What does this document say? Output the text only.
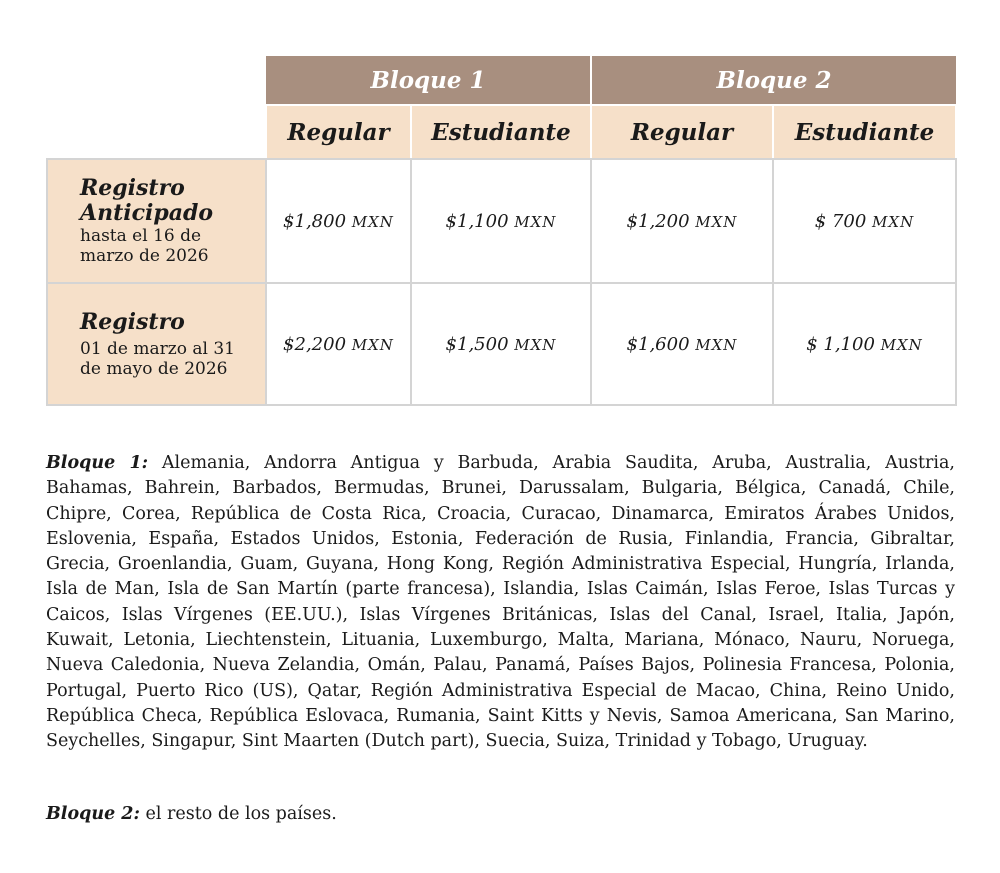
	Bloque 1		Bloque 2	
	Regular	Estudiante	Regular	Estudiante

Registro
Anticipado
hasta el 16 de
marzo de 2026	$1,800 MXN	$1,100 MXN	$1,200 MXN	$ 700 MXN

Registro
01 de marzo al 31
de mayo de 2026	$2,200 MXN	$1,500 MXN	$1,600 MXN	$ 1,100 MXN

Bloque 1: Alemania, Andorra Antigua y Barbuda, Arabia Saudita, Aruba, Australia, Austria, Bahamas, Bahrein, Barbados, Bermudas, Brunei, Darussalam, Bulgaria, Bélgica, Canadá, Chile, Chipre, Corea, República de Costa Rica, Croacia, Curacao, Dinamarca, Emiratos Árabes Unidos, Eslovenia, España, Estados Unidos, Estonia, Federación de Rusia, Finlandia, Francia, Gibraltar, Grecia, Groenlandia, Guam, Guyana, Hong Kong, Región Administrativa Especial, Hungría, Irlanda, Isla de Man, Isla de San Martín (parte francesa), Islandia, Islas Caimán, Islas Feroe, Islas Turcas y Caicos, Islas Vírgenes (EE.UU.), Islas Vírgenes Británicas, Islas del Canal, Israel, Italia, Japón, Kuwait, Letonia, Liechtenstein, Lituania, Luxemburgo, Malta, Mariana, Mónaco, Nauru, Noruega, Nueva Caledonia, Nueva Zelandia, Omán, Palau, Panamá, Países Bajos, Polinesia Francesa, Polonia, Portugal, Puerto Rico (US), Qatar, Región Administrativa Especial de Macao, China, Reino Unido, República Checa, República Eslovaca, Rumania, Saint Kitts y Nevis, Samoa Americana, San Marino, Seychelles, Singapur, Sint Maarten (Dutch part), Suecia, Suiza, Trinidad y Tobago, Uruguay.

Bloque 2: el resto de los países.
